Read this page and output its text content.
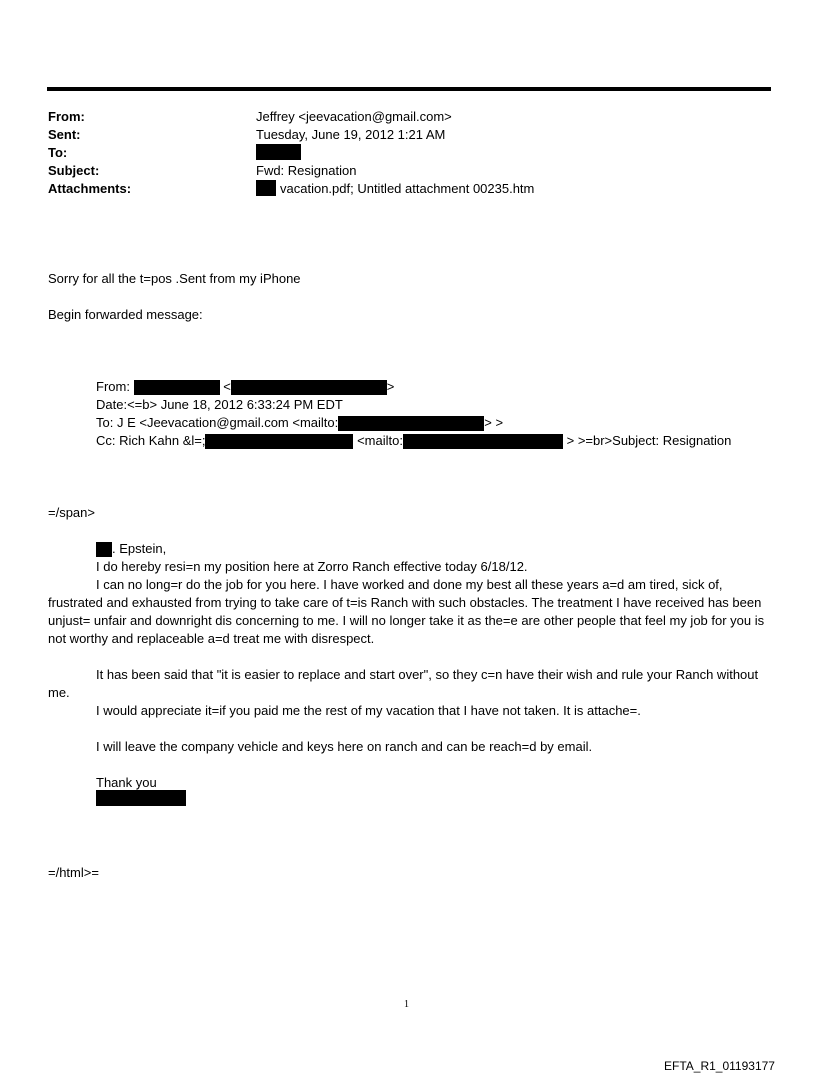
From:	Jeffrey <jeevacation@gmail.com>
Sent:	Tuesday, June 19, 2012 1:21 AM
To:
Subject:	Fwd: Resignation
Attachments:	vacation.pdf; Untitled attachment 00235.htm
Sorry for all the t=pos .Sent from my iPhone
Begin forwarded message:
From:	<	>
Date:<=b> June 18, 2012 6:33:24 PM EDT
To: J E <Jeevacation@gmail.com <mailto:	> >
Cc: Rich Kahn &l=;	<mailto:	> >=br>Subject: Resignation
=/span>
. Epstein,
I do hereby resi=n my position here at Zorro Ranch effective today 6/18/12.
I can no long=r do the job for you here. I have worked and done my best all these years a=d am tired, sick of, frustrated and exhausted from trying to take care of t=is Ranch with such obstacles. The treatment I have received has been unjust= unfair and downright dis concerning to me. I will no longer take it as the=e are other people that feel my job for you is not worthy and replaceable a=d treat me with disrespect.
It has been said that "it is easier to replace and start over", so they c=n have their wish and rule your Ranch without me.
I would appreciate it=if you paid me the rest of my vacation that I have not taken. It is attache=.
I will leave the company vehicle and keys here on ranch and can be reach=d by email.
Thank you
=/html>=
1
EFTA_R1_01193177
